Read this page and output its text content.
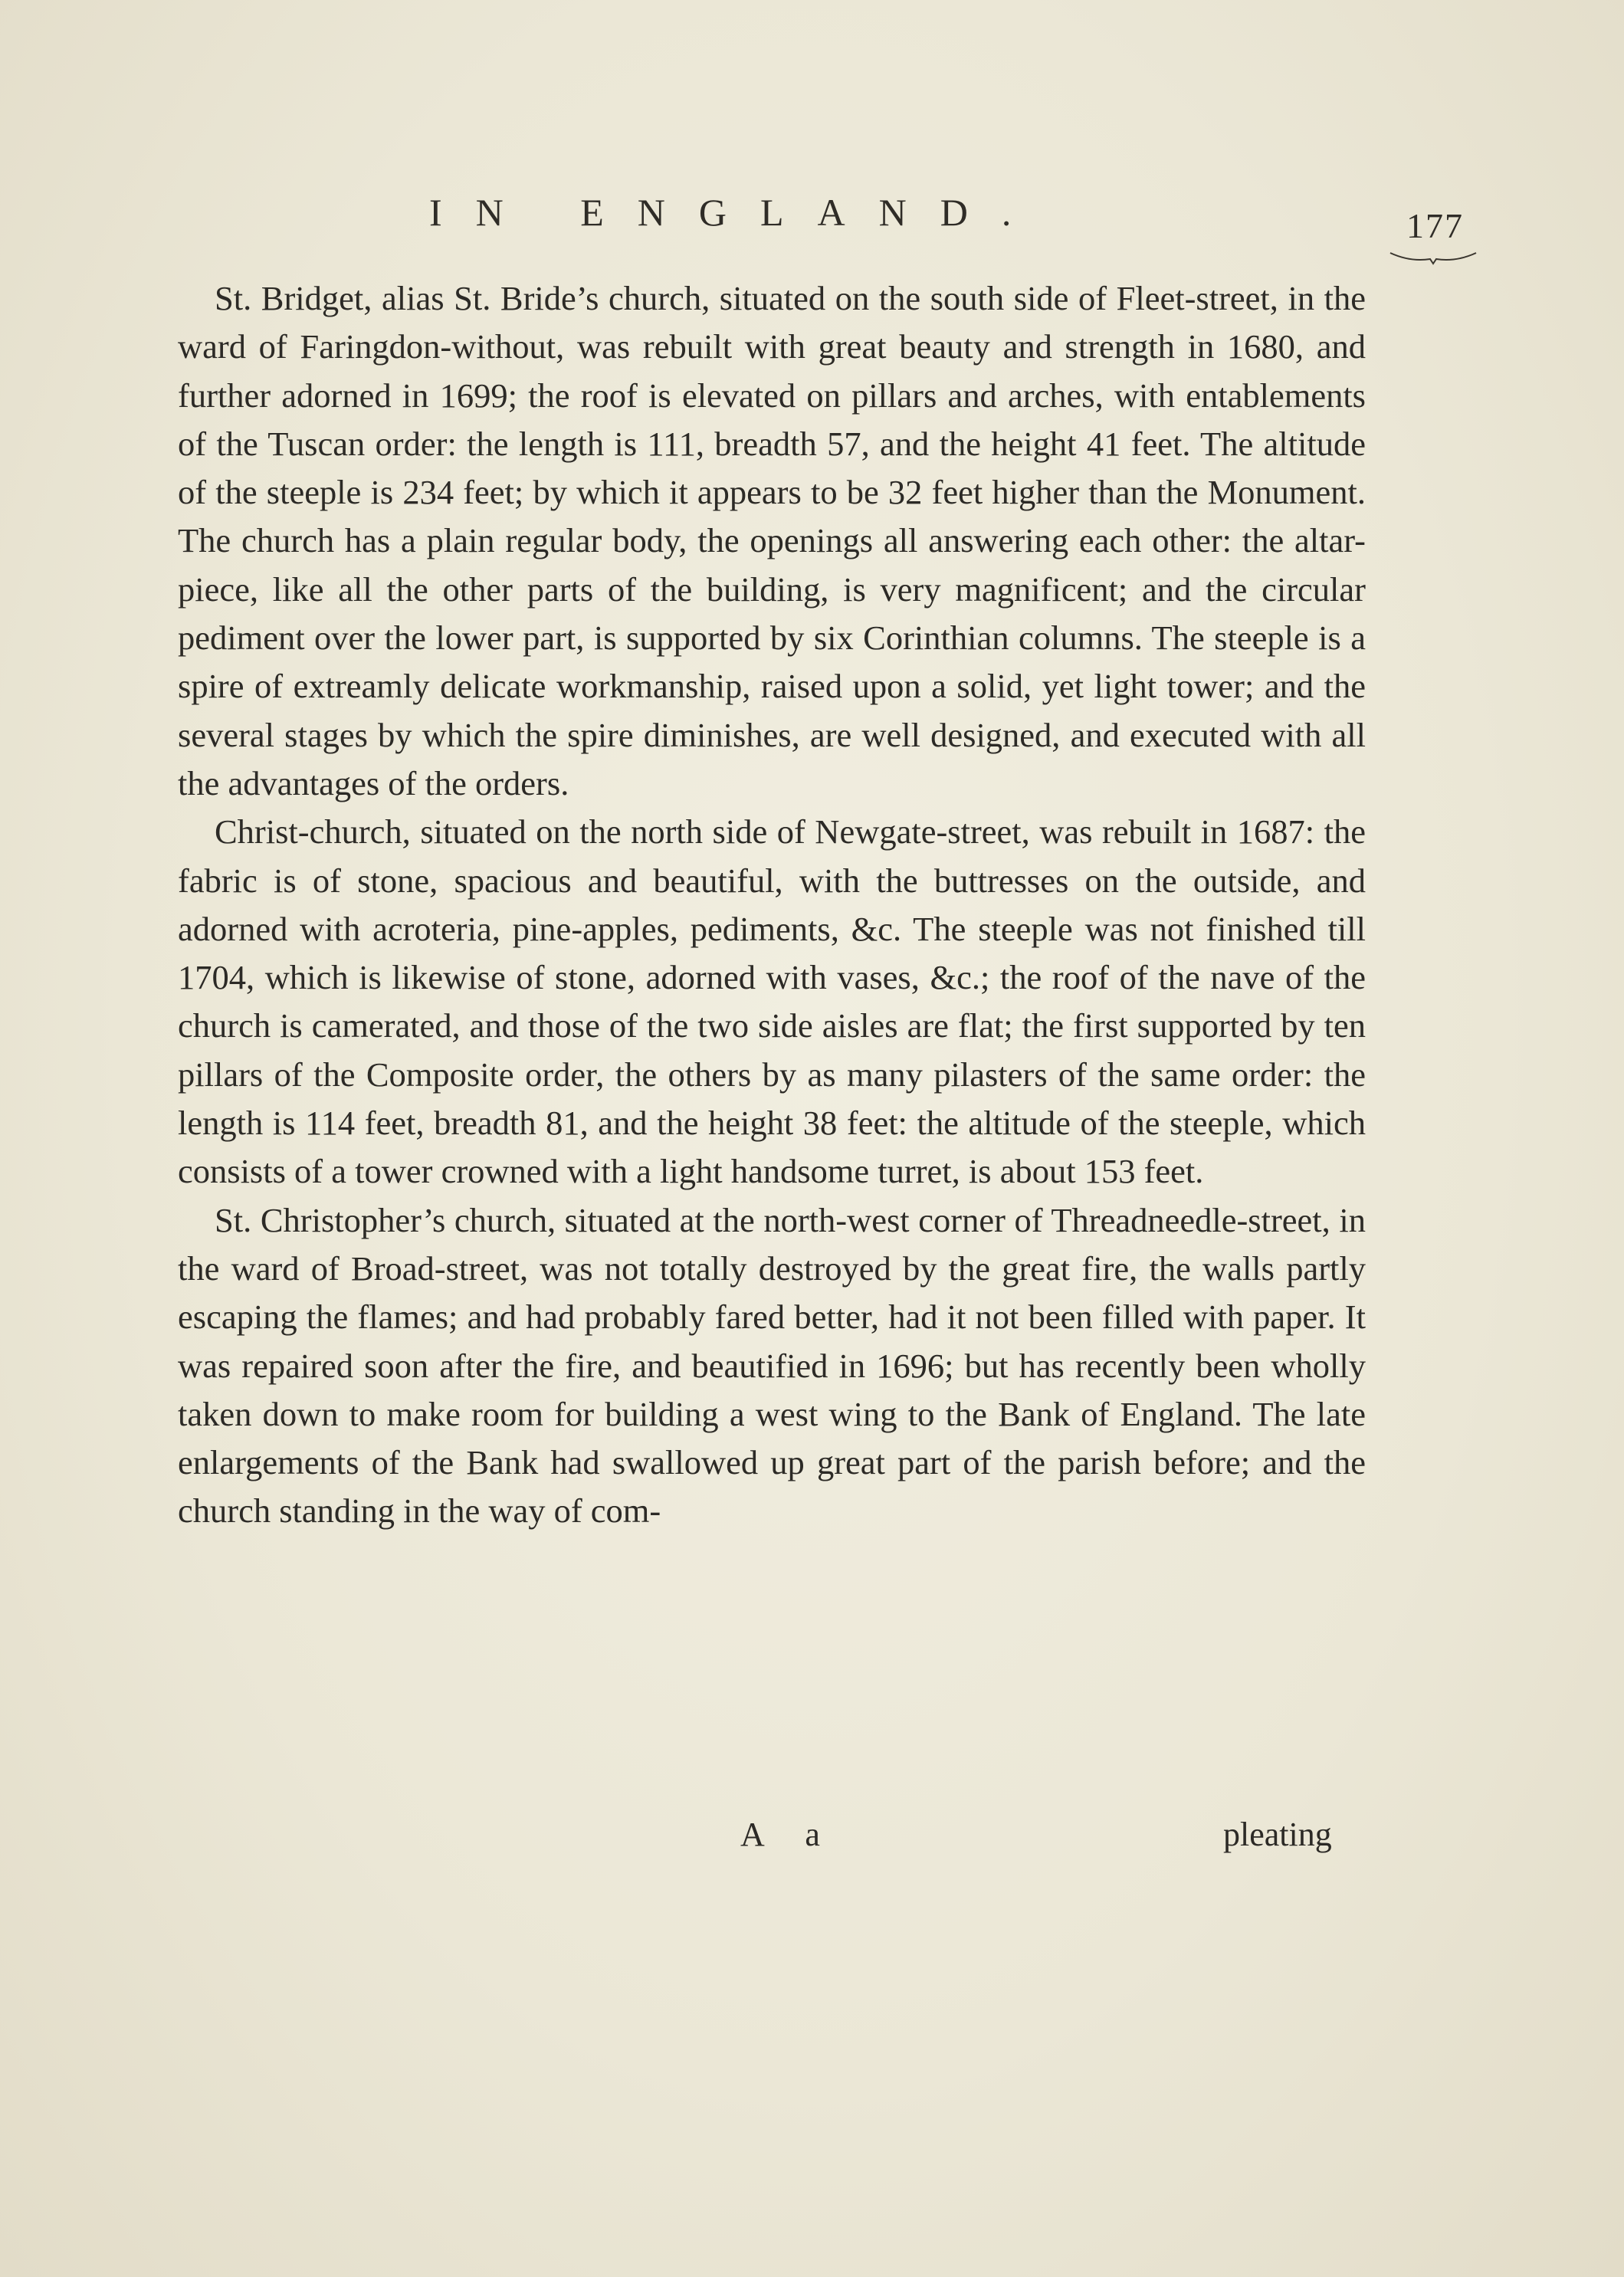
IN ENGLAND.	177

St. Bridget, alias St. Bride’s church, situated on the south side of Fleet-street, in the ward of Faringdon-without, was rebuilt with great beauty and strength in 1680, and further adorned in 1699; the roof is elevated on pillars and arches, with entablements of the Tuscan order: the length is 111, breadth 57, and the height 41 feet. The altitude of the steeple is 234 feet; by which it appears to be 32 feet higher than the Monument. The church has a plain regular body, the openings all answering each other: the altar-piece, like all the other parts of the building, is very magnificent; and the circular pediment over the lower part, is supported by six Corinthian columns. The steeple is a spire of extreamly delicate workmanship, raised upon a solid, yet light tower; and the several stages by which the spire diminishes, are well designed, and executed with all the advantages of the orders.

Christ-church, situated on the north side of Newgate-street, was rebuilt in 1687: the fabric is of stone, spacious and beautiful, with the buttresses on the outside, and adorned with acroteria, pine-apples, pediments, &c. The steeple was not finished till 1704, which is likewise of stone, adorned with vases, &c.; the roof of the nave of the church is camerated, and those of the two side aisles are flat; the first supported by ten pillars of the Composite order, the others by as many pilasters of the same order: the length is 114 feet, breadth 81, and the height 38 feet: the altitude of the steeple, which consists of a tower crowned with a light handsome turret, is about 153 feet.

St. Christopher’s church, situated at the north-west corner of Threadneedle-street, in the ward of Broad-street, was not totally destroyed by the great fire, the walls partly escaping the flames; and had probably fared better, had it not been filled with paper. It was repaired soon after the fire, and beautified in 1696; but has recently been wholly taken down to make room for building a west wing to the Bank of England. The late enlargements of the Bank had swallowed up great part of the parish before; and the church standing in the way of com-

A a	pleating
